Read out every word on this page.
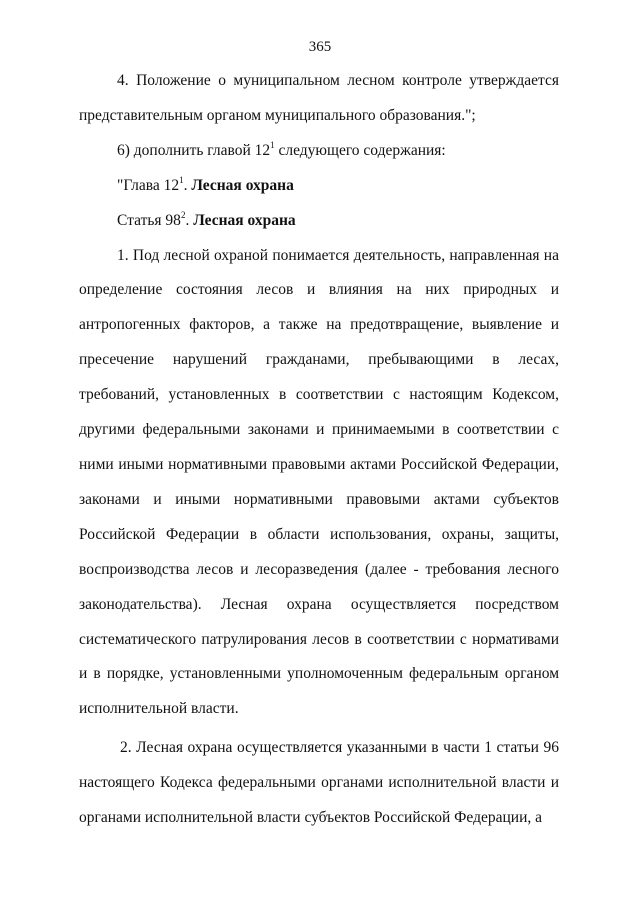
365

4. Положение о муниципальном лесном контроле утверждается представительным органом муниципального образования.";

6) дополнить главой $12^1$ следующего содержания:

"Глава $12^1$. Лесная охрана

Статья $98^2$. Лесная охрана

1. Под лесной охраной понимается деятельность, направленная на определение состояния лесов и влияния на них природных и антропогенных факторов, а также на предотвращение, выявление и пресечение нарушений гражданами, пребывающими в лесах, требований, установленных в соответствии с настоящим Кодексом, другими федеральными законами и принимаемыми в соответствии с ними иными нормативными правовыми актами Российской Федерации, законами и иными нормативными правовыми актами субъектов Российской Федерации в области использования, охраны, защиты, воспроизводства лесов и лесоразведения (далее - требования лесного законодательства). Лесная охрана осуществляется посредством систематического патрулирования лесов в соответствии с нормативами и в порядке, установленными уполномоченным федеральным органом исполнительной власти.

2. Лесная охрана осуществляется указанными в части 1 статьи 96 настоящего Кодекса федеральными органами исполнительной власти и органами исполнительной власти субъектов Российской Федерации, а
